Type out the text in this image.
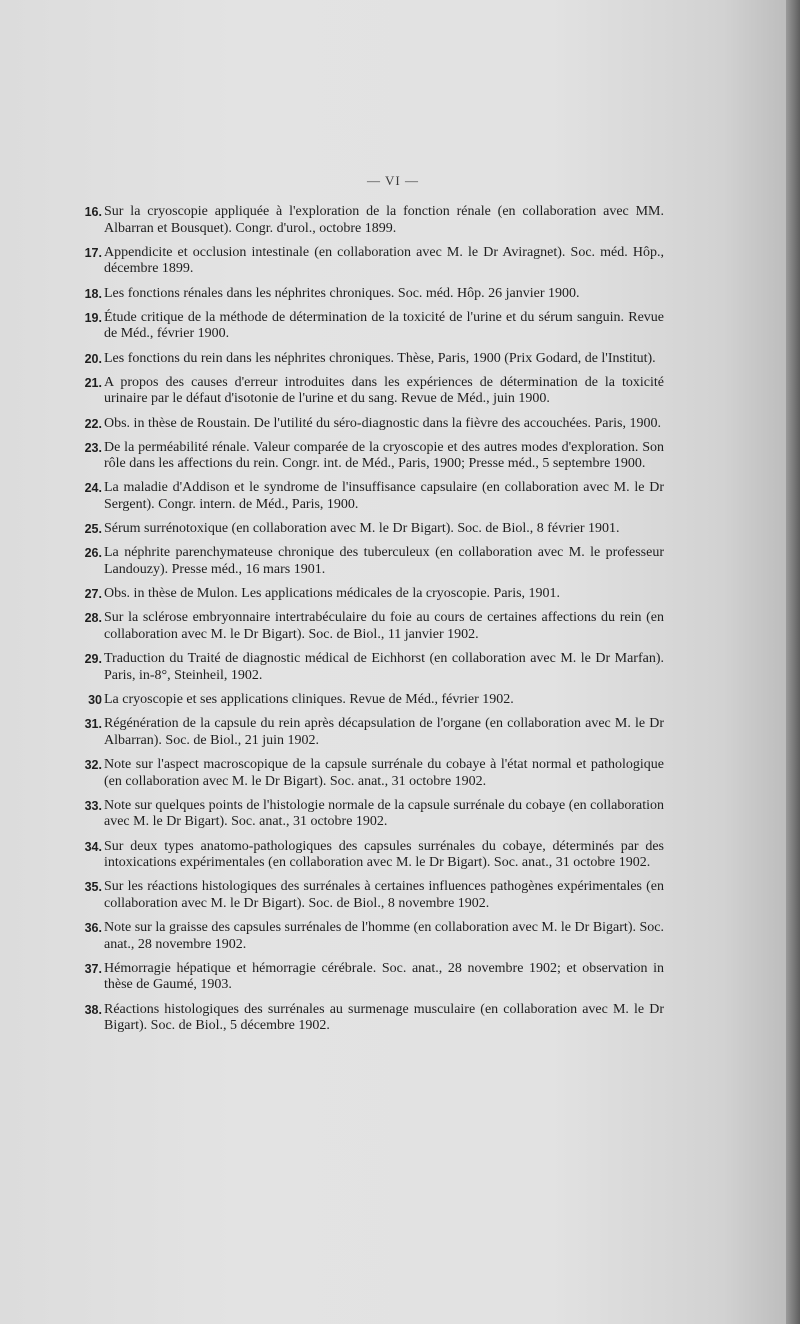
— VI —
16. Sur la cryoscopie appliquée à l'exploration de la fonction rénale (en collaboration avec MM. Albarran et Bousquet). Congr. d'urol., octobre 1899.
17. Appendicite et occlusion intestinale (en collaboration avec M. le Dr Aviragnet). Soc. méd. Hôp., décembre 1899.
18. Les fonctions rénales dans les néphrites chroniques. Soc. méd. Hôp. 26 janvier 1900.
19. Étude critique de la méthode de détermination de la toxicité de l'urine et du sérum sanguin. Revue de Méd., février 1900.
20. Les fonctions du rein dans les néphrites chroniques. Thèse, Paris, 1900 (Prix Godard, de l'Institut).
21. A propos des causes d'erreur introduites dans les expériences de détermination de la toxicité urinaire par le défaut d'isotonie de l'urine et du sang. Revue de Méd., juin 1900.
22. Obs. in thèse de Roustain. De l'utilité du séro-diagnostic dans la fièvre des accouchées. Paris, 1900.
23. De la perméabilité rénale. Valeur comparée de la cryoscopie et des autres modes d'exploration. Son rôle dans les affections du rein. Congr. int. de Méd., Paris, 1900; Presse méd., 5 septembre 1900.
24. La maladie d'Addison et le syndrome de l'insuffisance capsulaire (en collaboration avec M. le Dr Sergent). Congr. intern. de Méd., Paris, 1900.
25. Sérum surrénotoxique (en collaboration avec M. le Dr Bigart). Soc. de Biol., 8 février 1901.
26. La néphrite parenchymateuse chronique des tuberculeux (en collaboration avec M. le professeur Landouzy). Presse méd., 16 mars 1901.
27. Obs. in thèse de Mulon. Les applications médicales de la cryoscopie. Paris, 1901.
28. Sur la sclérose embryonnaire intertrabéculaire du foie au cours de certaines affections du rein (en collaboration avec M. le Dr Bigart). Soc. de Biol., 11 janvier 1902.
29. Traduction du Traité de diagnostic médical de Eichhorst (en collaboration avec M. le Dr Marfan). Paris, in-8°, Steinheil, 1902.
30 La cryoscopie et ses applications cliniques. Revue de Méd., février 1902.
31. Régénération de la capsule du rein après décapsulation de l'organe (en collaboration avec M. le Dr Albarran). Soc. de Biol., 21 juin 1902.
32. Note sur l'aspect macroscopique de la capsule surrénale du cobaye à l'état normal et pathologique (en collaboration avec M. le Dr Bigart). Soc. anat., 31 octobre 1902.
33. Note sur quelques points de l'histologie normale de la capsule surrénale du cobaye (en collaboration avec M. le Dr Bigart). Soc. anat., 31 octobre 1902.
34. Sur deux types anatomo-pathologiques des capsules surrénales du cobaye, déterminés par des intoxications expérimentales (en collaboration avec M. le Dr Bigart). Soc. anat., 31 octobre 1902.
35. Sur les réactions histologiques des surrénales à certaines influences pathogènes expérimentales (en collaboration avec M. le Dr Bigart). Soc. de Biol., 8 novembre 1902.
36. Note sur la graisse des capsules surrénales de l'homme (en collaboration avec M. le Dr Bigart). Soc. anat., 28 novembre 1902.
37. Hémorragie hépatique et hémorragie cérébrale. Soc. anat., 28 novembre 1902; et observation in thèse de Gaumé, 1903.
38. Réactions histologiques des surrénales au surmenage musculaire (en collaboration avec M. le Dr Bigart). Soc. de Biol., 5 décembre 1902.
